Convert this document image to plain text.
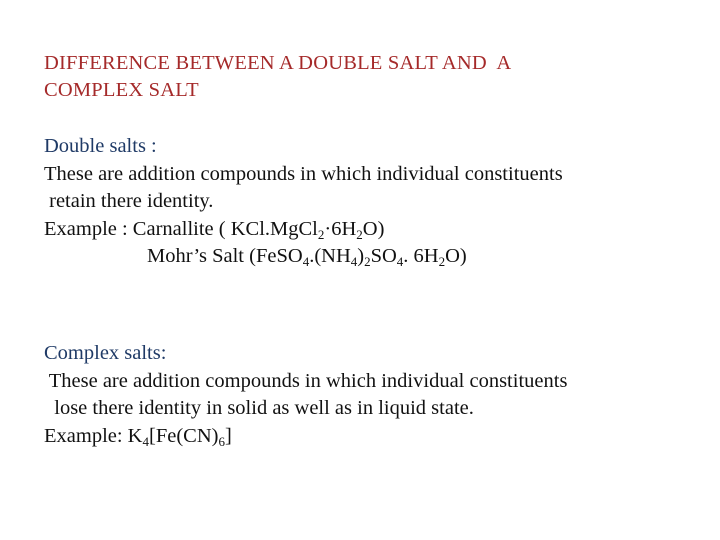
DIFFERENCE BETWEEN A DOUBLE SALT AND  A
COMPLEX SALT
Double salts :
These are addition compounds in which individual constituents
retain there identity.
Example : Carnallite ( $KCl.MgCl_2\cdot 6H_2O$)
Mohr’s Salt ($FeSO_4.(NH_4)_2SO_4$. $6H_2O$)
Complex salts:
These are addition compounds in which individual constituents
lose there identity in solid as well as in liquid state.
Example: $K_4[Fe(CN)_6]$
